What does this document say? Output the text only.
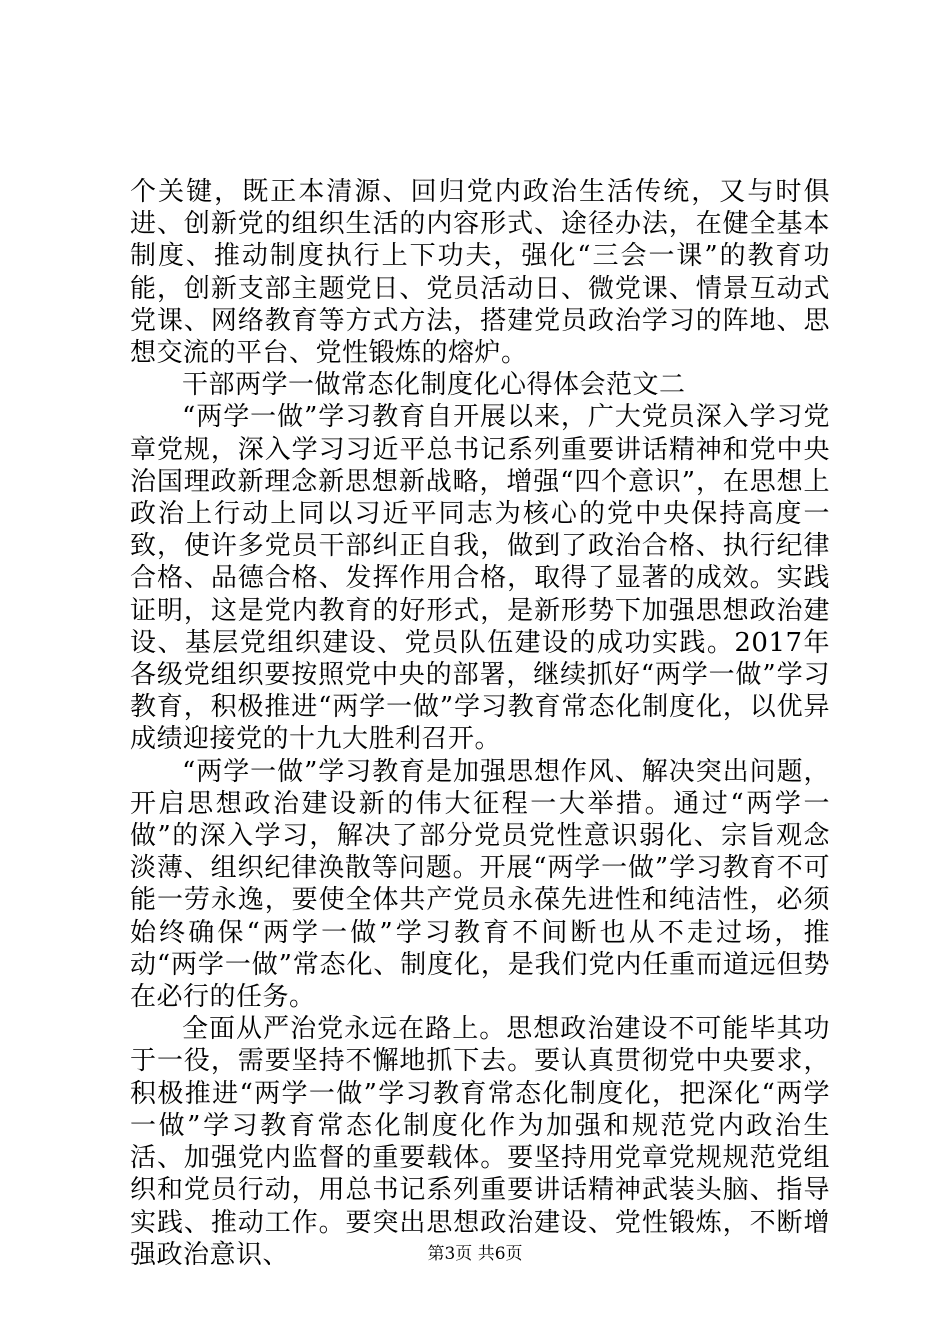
个关键，既正本清源、回归党内政治生活传统，又与时俱进、创新党的组织生活的内容形式、途径办法，在健全基本制度、推动制度执行上下功夫，强化“三会一课”的教育功能，创新支部主题党日、党员活动日、微党课、情景互动式党课、网络教育等方式方法，搭建党员政治学习的阵地、思想交流的平台、党性锻炼的熔炉。

干部两学一做常态化制度化心得体会范文二

“两学一做”学习教育自开展以来，广大党员深入学习党章党规，深入学习习近平总书记系列重要讲话精神和党中央治国理政新理念新思想新战略，增强“四个意识”，在思想上政治上行动上同以习近平同志为核心的党中央保持高度一致，使许多党员干部纠正自我，做到了政治合格、执行纪律合格、品德合格、发挥作用合格，取得了显著的成效。实践证明，这是党内教育的好形式，是新形势下加强思想政治建设、基层党组织建设、党员队伍建设的成功实践。2017年各级党组织要按照党中央的部署，继续抓好“两学一做”学习教育，积极推进“两学一做”学习教育常态化制度化，以优异成绩迎接党的十九大胜利召开。

“两学一做”学习教育是加强思想作风、解决突出问题，开启思想政治建设新的伟大征程一大举措。通过“两学一做”的深入学习，解决了部分党员党性意识弱化、宗旨观念淡薄、组织纪律涣散等问题。开展“两学一做”学习教育不可能一劳永逸，要使全体共产党员永葆先进性和纯洁性，必须始终确保“两学一做”学习教育不间断也从不走过场，推动“两学一做”常态化、制度化，是我们党内任重而道远但势在必行的任务。

全面从严治党永远在路上。思想政治建设不可能毕其功于一役，需要坚持不懈地抓下去。要认真贯彻党中央要求，积极推进“两学一做”学习教育常态化制度化，把深化“两学一做”学习教育常态化制度化作为加强和规范党内政治生活、加强党内监督的重要载体。要坚持用党章党规规范党组织和党员行动，用总书记系列重要讲话精神武装头脑、指导实践、推动工作。要突出思想政治建设、党性锻炼，不断增强政治意识、	第3页 共6页
